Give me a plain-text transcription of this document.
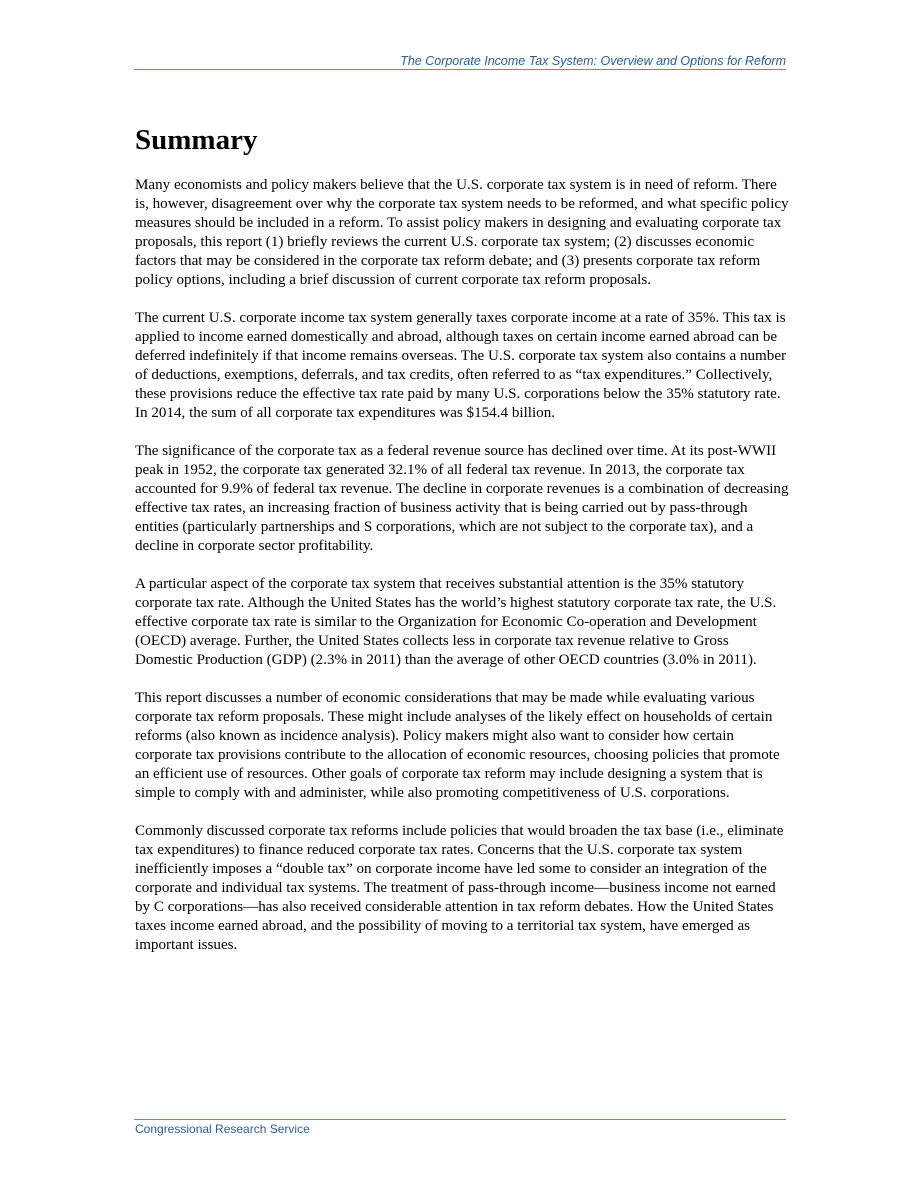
The Corporate Income Tax System: Overview and Options for Reform
Summary

Many economists and policy makers believe that the U.S. corporate tax system is in need of reform. There is, however, disagreement over why the corporate tax system needs to be reformed, and what specific policy measures should be included in a reform. To assist policy makers in designing and evaluating corporate tax proposals, this report (1) briefly reviews the current U.S. corporate tax system; (2) discusses economic factors that may be considered in the corporate tax reform debate; and (3) presents corporate tax reform policy options, including a brief discussion of current corporate tax reform proposals.

The current U.S. corporate income tax system generally taxes corporate income at a rate of 35%. This tax is applied to income earned domestically and abroad, although taxes on certain income earned abroad can be deferred indefinitely if that income remains overseas. The U.S. corporate tax system also contains a number of deductions, exemptions, deferrals, and tax credits, often referred to as “tax expenditures.” Collectively, these provisions reduce the effective tax rate paid by many U.S. corporations below the 35% statutory rate. In 2014, the sum of all corporate tax expenditures was $154.4 billion.

The significance of the corporate tax as a federal revenue source has declined over time. At its post-WWII peak in 1952, the corporate tax generated 32.1% of all federal tax revenue. In 2013, the corporate tax accounted for 9.9% of federal tax revenue. The decline in corporate revenues is a combination of decreasing effective tax rates, an increasing fraction of business activity that is being carried out by pass-through entities (particularly partnerships and S corporations, which are not subject to the corporate tax), and a decline in corporate sector profitability.

A particular aspect of the corporate tax system that receives substantial attention is the 35% statutory corporate tax rate. Although the United States has the world’s highest statutory corporate tax rate, the U.S. effective corporate tax rate is similar to the Organization for Economic Co-operation and Development (OECD) average. Further, the United States collects less in corporate tax revenue relative to Gross Domestic Production (GDP) (2.3% in 2011) than the average of other OECD countries (3.0% in 2011).

This report discusses a number of economic considerations that may be made while evaluating various corporate tax reform proposals. These might include analyses of the likely effect on households of certain reforms (also known as incidence analysis). Policy makers might also want to consider how certain corporate tax provisions contribute to the allocation of economic resources, choosing policies that promote an efficient use of resources. Other goals of corporate tax reform may include designing a system that is simple to comply with and administer, while also promoting competitiveness of U.S. corporations.

Commonly discussed corporate tax reforms include policies that would broaden the tax base (i.e., eliminate tax expenditures) to finance reduced corporate tax rates. Concerns that the U.S. corporate tax system inefficiently imposes a “double tax” on corporate income have led some to consider an integration of the corporate and individual tax systems. The treatment of pass-through income—business income not earned by C corporations—has also received considerable attention in tax reform debates. How the United States taxes income earned abroad, and the possibility of moving to a territorial tax system, have emerged as important issues.

Congressional Research Service
